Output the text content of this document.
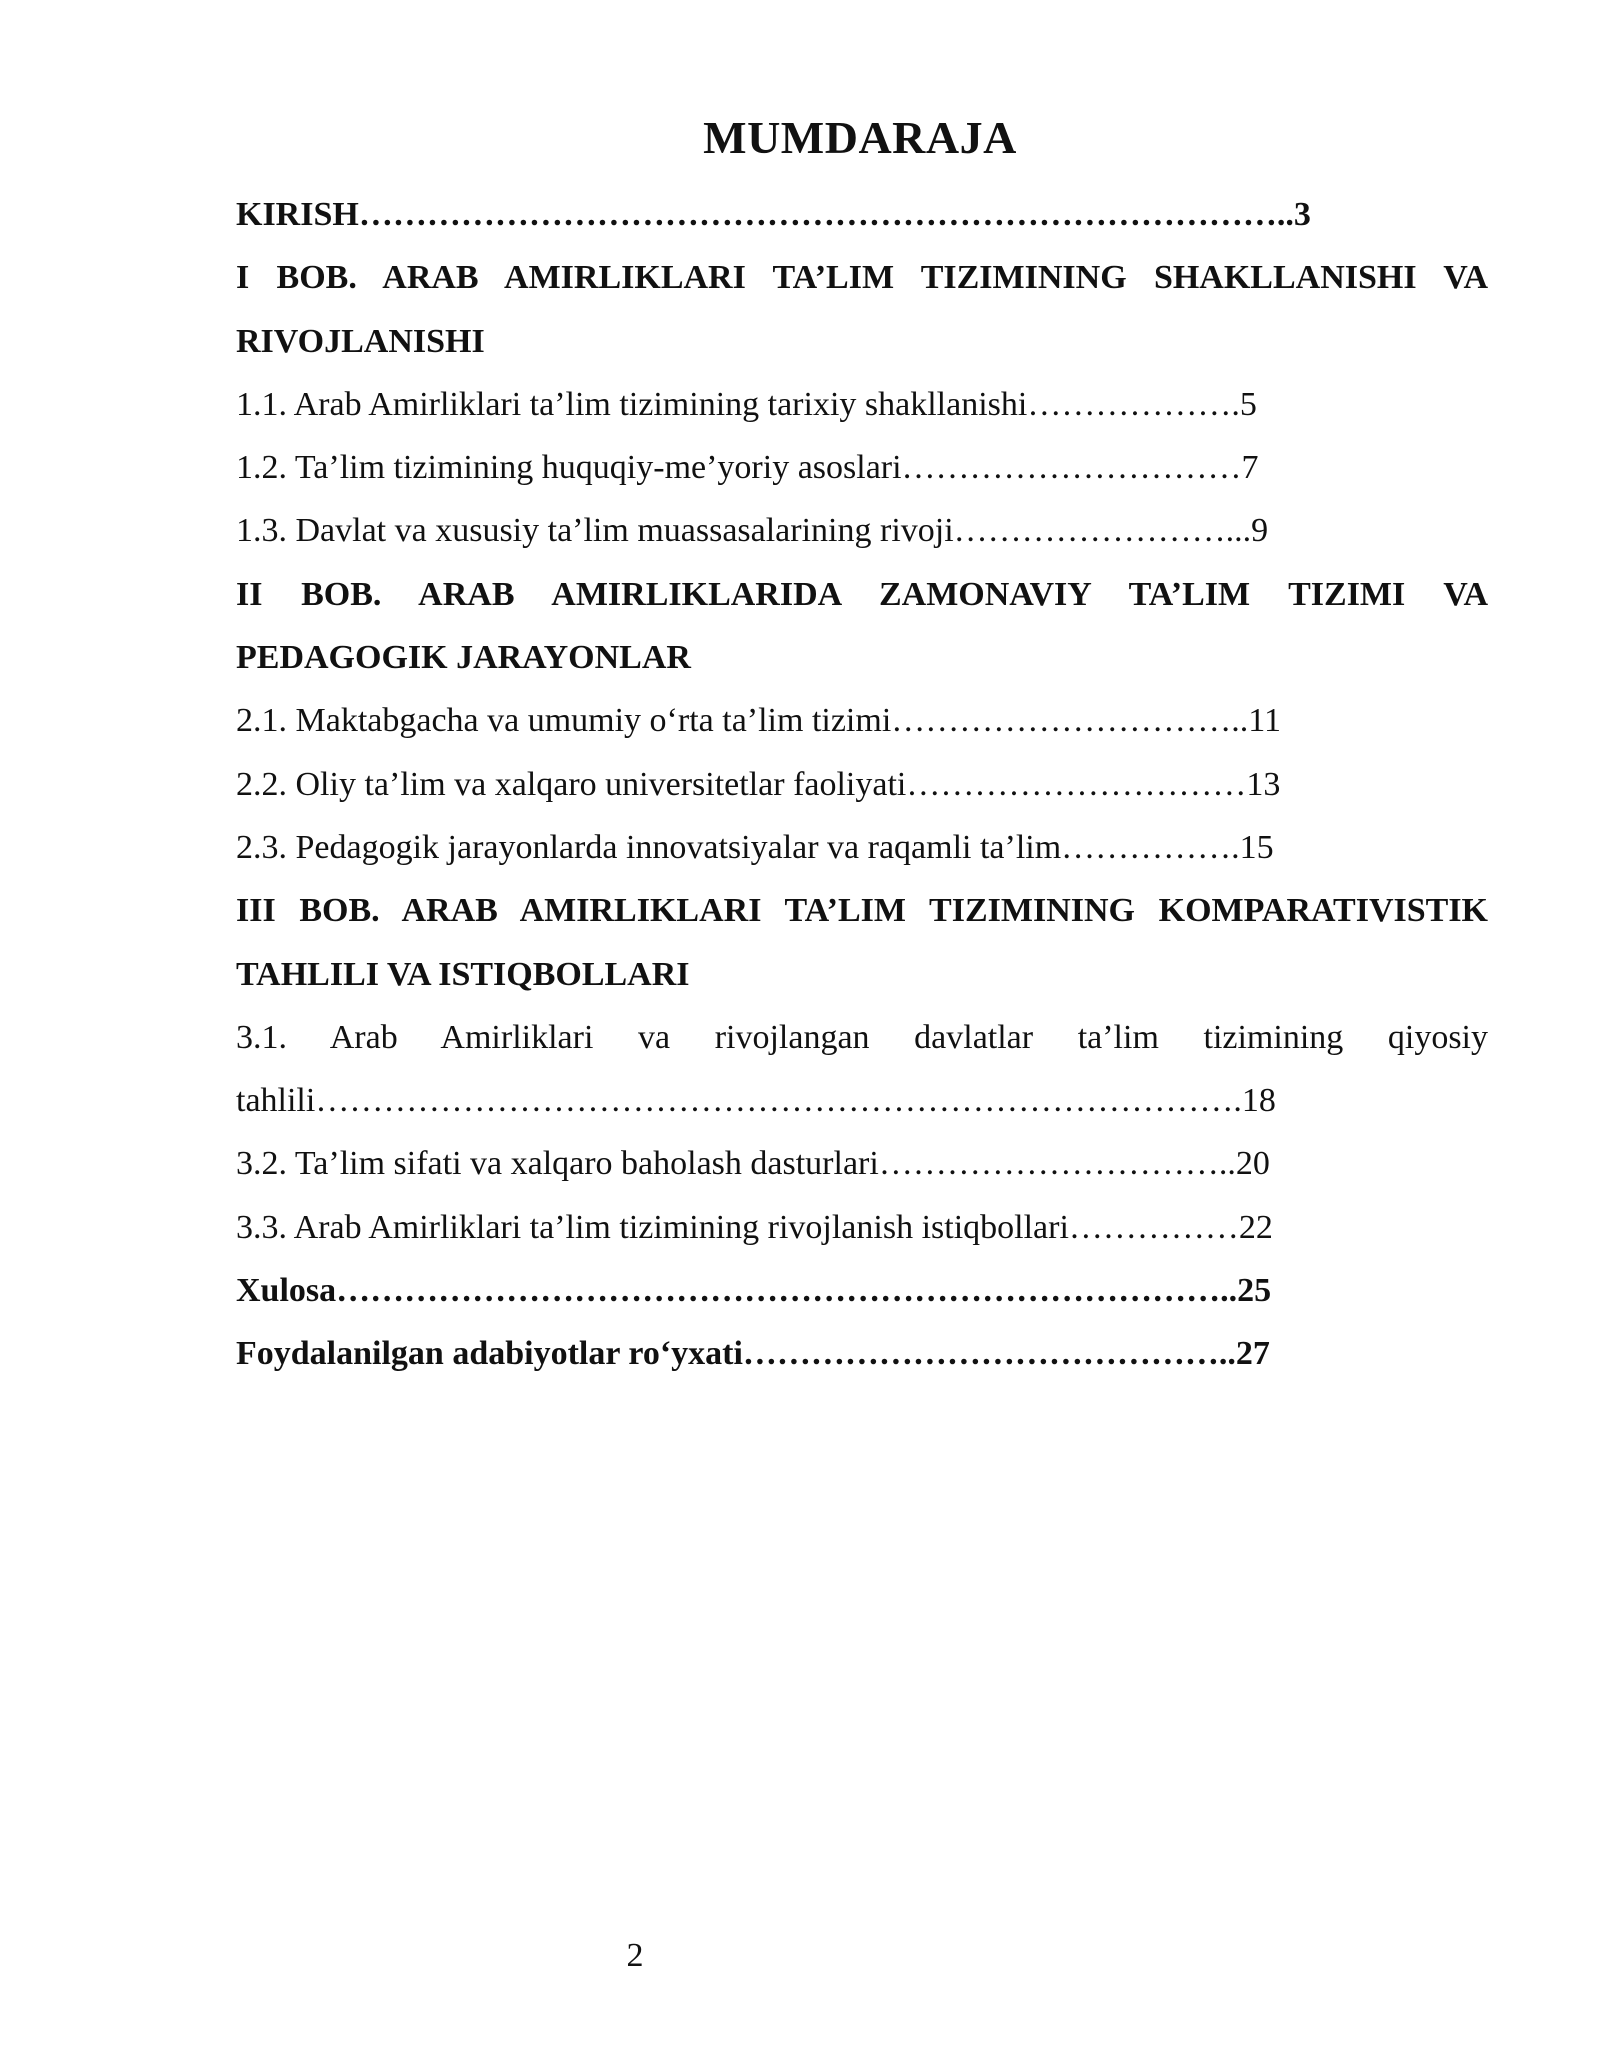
MUMDARAJA

KIRISH………………………………………………………………………..3

I BOB. ARAB AMIRLIKLARI TA’LIM TIZIMINING SHAKLLANISHI VA RIVOJLANISHI

1.1. Arab Amirliklari ta’lim tizimining tarixiy shakllanishi……………….5

1.2. Ta’lim tizimining huquqiy-me’yoriy asoslari…………………………7

1.3. Davlat va xususiy ta’lim muassasalarining rivoji……………………...9

II BOB. ARAB AMIRLIKLARIDA ZAMONAVIY TA’LIM TIZIMI VA PEDAGOGIK JARAYONLAR

2.1. Maktabgacha va umumiy o‘rta ta’lim tizimi…………………………..11

2.2. Oliy ta’lim va xalqaro universitetlar faoliyati…………………………13

2.3. Pedagogik jarayonlarda innovatsiyalar va raqamli ta’lim…………….15

III BOB. ARAB AMIRLIKLARI TA’LIM TIZIMINING KOMPARATIVISTIK TAHLILI VA ISTIQBOLLARI

3.1. Arab Amirliklari va rivojlangan davlatlar ta’lim tizimining qiyosiy tahlili……………………………………………………………………….18

3.2. Ta’lim sifati va xalqaro baholash dasturlari…………………………..20

3.3. Arab Amirliklari ta’lim tizimining rivojlanish istiqbollari……………22

Xulosa……………………………………………………………………..25

Foydalanilgan adabiyotlar ro‘yxati……………………………………..27

2
